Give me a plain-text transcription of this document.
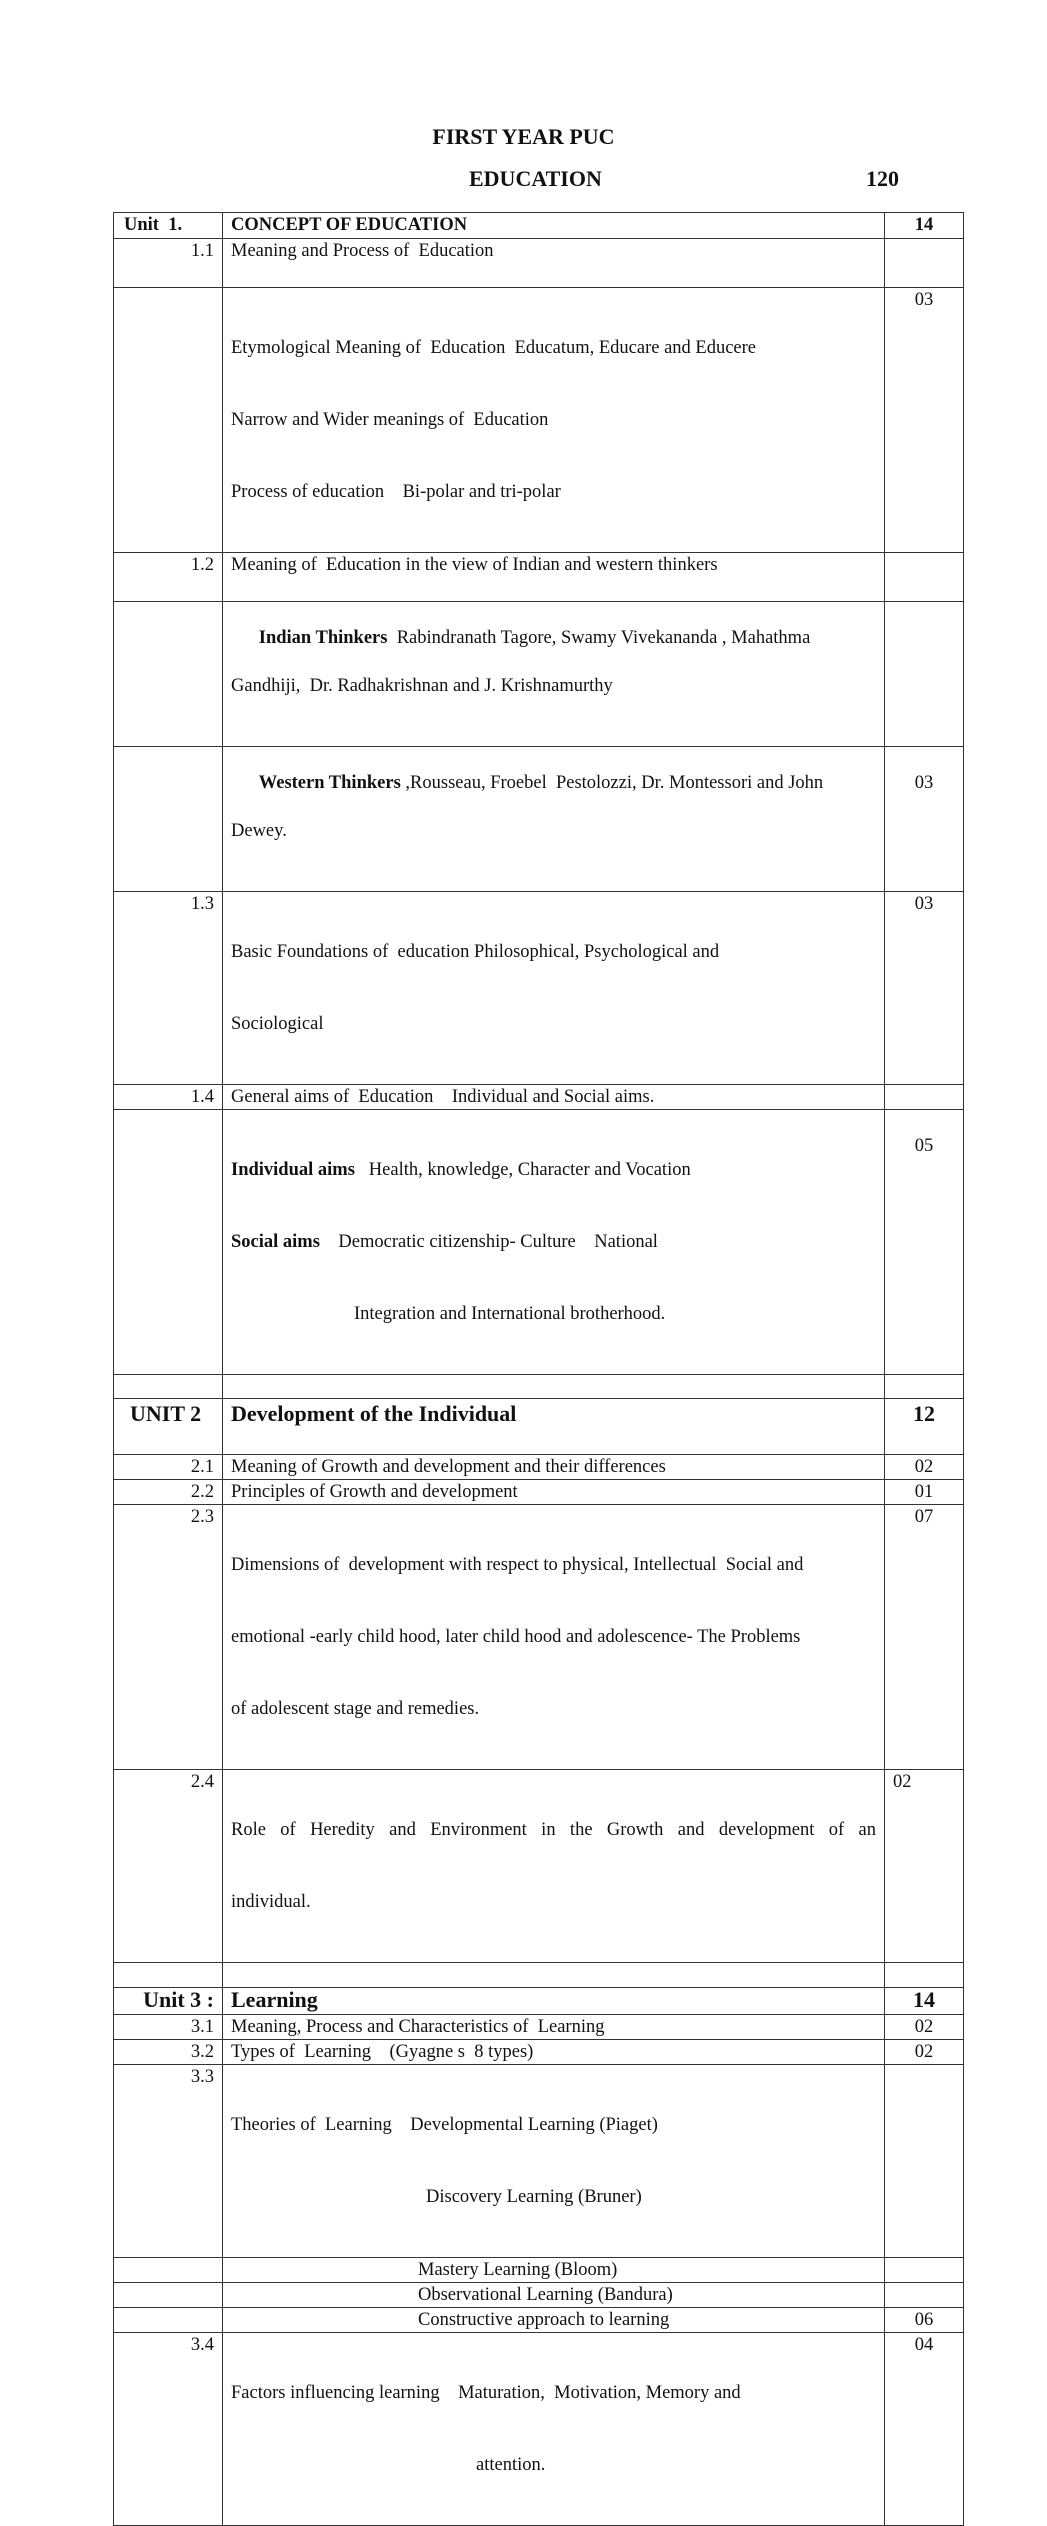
FIRST YEAR PUC
EDUCATION	120
Unit  1.	CONCEPT OF EDUCATION	14
1.1	Meaning and Process of  Education	

	Etymological Meaning of  Education  Educatum, Educare and Educere

Narrow and Wider meanings of  Education

Process of education    Bi-polar and tri-polar	03
1.2	Meaning of  Education in the view of Indian and western thinkers	

Indian Thinkers  Rabindranath Tagore, Swamy Vivekananda , Mahathma

Gandhiji,  Dr. Radhakrishnan and J. Krishnamurthy	

Western Thinkers ,Rousseau, Froebel  Pestolozzi, Dr. Montessori and John

Dewey.	03
1.3	Basic Foundations of  education Philosophical, Psychological and

Sociological	03
1.4	General aims of  Education    Individual and Social aims.	

	Individual aims   Health, knowledge, Character and Vocation

Social aims    Democratic citizenship- Culture    National

Integration and International brotherhood.	05

UNIT 2	Development of the Individual	12
2.1	Meaning of Growth and development and their differences	02
2.2	Principles of Growth and development	01
2.3	Dimensions of  development with respect to physical, Intellectual  Social and

emotional -early child hood, later child hood and adolescence- The Problems

of adolescent stage and remedies.	07
2.4	Role of Heredity and Environment in the Growth and development of an

individual.	02

Unit 3 :	Learning	14
3.1	Meaning, Process and Characteristics of  Learning	02
3.2	Types of  Learning    (Gyagne s  8 types)	02
3.3	Theories of  Learning    Developmental Learning (Piaget)

Discovery Learning (Bruner)	

	Mastery Learning (Bloom)	
	Observational Learning (Bandura)	
	Constructive approach to learning	06
3.4	Factors influencing learning    Maturation,  Motivation, Memory and

attention.	04
